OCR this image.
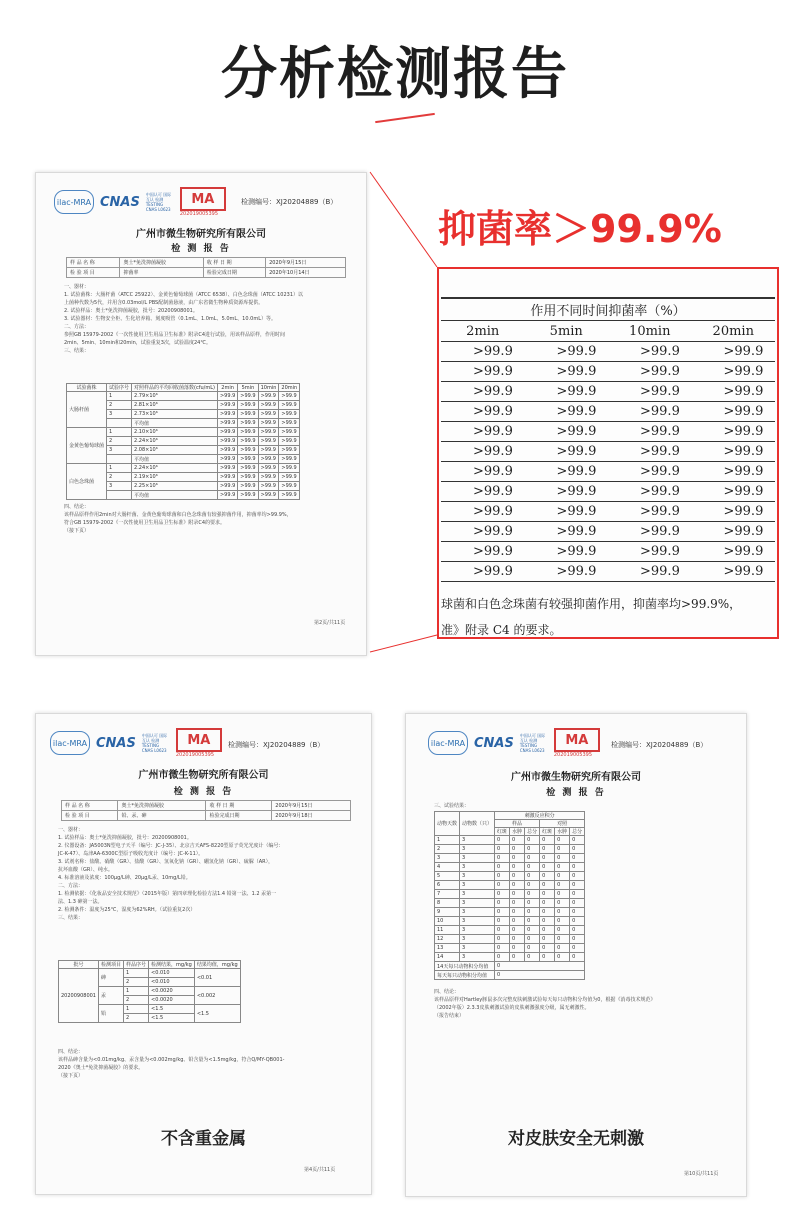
分析检测报告
ilac-MRA CNAS 中国认可 国际互认 检测 TESTING CNAS L0623
MA
202019005395
检测编号：XJ20204889（B）
广州市微生物研究所有限公司
检 测 报 告
样 品 名 称	奥士*免洗抑菌凝胶	收 样 日 期	2020年9月15日
检 验 项 目	抑菌率	检验完成日期	2020年10月14日
一、器材：
1. 试验菌株：大肠杆菌（ATCC 25922）、金黄色葡萄球菌（ATCC 6538）、白色念珠菌（ATCC 10231）以
上菌种代数为5代，并用含0.03mol/L PBS配制菌悬液，由广东省微生物种质资源库提供。
2. 试验样品：奥士*免洗抑菌凝胶，批号：20200908001。
3. 试验器材：生物安全柜、生化培养箱、刻度吸管（0.1mL、1.0mL、5.0mL、10.0mL）等。
二、方法：
参照GB 15979-2002《一次性使用卫生用品卫生标准》附录C4进行试验，用该样品原样，作用时间
2min、5min、10min和20min，试验重复3次，试验温度24℃。
三、结果：
试验菌株	试验序号	对照样品的平均回收菌落数(cfu/mL)	2min	5min	10min	20min
大肠杆菌	1	2.79×10⁶	>99.9	>99.9	>99.9	>99.9
	2	2.81×10⁶	>99.9	>99.9	>99.9	>99.9
	3	2.73×10⁶	>99.9	>99.9	>99.9	>99.9
		平均值	>99.9	>99.9	>99.9	>99.9
金黄色葡萄球菌	1	2.10×10⁶	>99.9	>99.9	>99.9	>99.9
	2	2.24×10⁶	>99.9	>99.9	>99.9	>99.9
	3	2.08×10⁶	>99.9	>99.9	>99.9	>99.9
		平均值	>99.9	>99.9	>99.9	>99.9
白色念珠菌	1	2.24×10⁶	>99.9	>99.9	>99.9	>99.9
	2	2.19×10⁶	>99.9	>99.9	>99.9	>99.9
	3	2.25×10⁶	>99.9	>99.9	>99.9	>99.9
		平均值	>99.9	>99.9	>99.9	>99.9
四、结论：
该样品原样作用2min对大肠杆菌、金黄色葡萄球菌和白色念珠菌有较强抑菌作用，抑菌率均>99.9%，
符合GB 15979-2002《一次性使用卫生用品卫生标准》附录C4的要求。
（接下页）
第2页/共11页
抑菌率＞99.9%
作用不同时间抑菌率（%）			
2min	5min	10min	20min
>99.9	>99.9	>99.9	>99.9
>99.9	>99.9	>99.9	>99.9
>99.9	>99.9	>99.9	>99.9
>99.9	>99.9	>99.9	>99.9
>99.9	>99.9	>99.9	>99.9
>99.9	>99.9	>99.9	>99.9
>99.9	>99.9	>99.9	>99.9
>99.9	>99.9	>99.9	>99.9
>99.9	>99.9	>99.9	>99.9
>99.9	>99.9	>99.9	>99.9
>99.9	>99.9	>99.9	>99.9
>99.9	>99.9	>99.9	>99.9
球菌和白色念珠菌有较强抑菌作用，抑菌率均>99.9%，
准》附录 C4 的要求。
ilac-MRA CNAS 中国认可 国际互认 检测 TESTING CNAS L0623
MA
202019005395
检测编号：XJ20204889（B）
广州市微生物研究所有限公司
检 测 报 告
样 品 名 称	奥士*免洗抑菌凝胶	收 样 日 期	2020年9月15日
检 验 项 目	铅、汞、砷	检验完成日期	2020年9月18日
一、器材：
1. 试验样品：奥士*免洗抑菌凝胶，批号：20200908001。
2. 仪器设备：JA5003N型电子天平（编号：JC-J-35）、北京吉天AFS-8220型原子荧光光度计（编号：
JC-K-47）、岛津AA-6300C型原子吸收光度计（编号：JC-K-11）。
3. 试剂名称：盐酸、硝酸（GR）、盐酸（GR）、氢氧化钠（GR）、硼氢化钠（GR）、硫脲（AR），
抗坏血酸（GR）、纯水。
4. 标准溶液及浓度：100μg/L砷、20μg/L汞、10mg/L铅。
二、方法：
1. 检测依据：《化妆品安全技术规范》（2015年版）第四章理化检验方法1.4 铅第一法、1.2 汞第一
法、1.3 砷第一法。
2. 检测条件：温度为25℃，湿度为62%RH。（试验重复2次）
三、结果：
批号	检测项目	样品序号	检测结果，mg/kg	结果均值，mg/kg
20200908001	砷	1	<0.010	<0.01
		2	<0.010	
	汞	1	<0.0020	<0.002
		2	<0.0020	
	铅	1	<1.5	<1.5
		2	<1.5	
四、结论：
该样品砷含量为<0.01mg/kg、汞含量为<0.002mg/kg、铅含量为<1.5mg/kg，符合Q/MY-QB001-
2020《奥士*免洗抑菌凝胶》的要求。
（接下页）
不含重金属
第4页/共11页
ilac-MRA CNAS 中国认可 国际互认 检测 TESTING CNAS L0623
MA
202019005395
检测编号：XJ20204889（B）
广州市微生物研究所有限公司
检 测 报 告
三、试验结果：
动物天数	动物数（只）	刺激反应积分					
		样品			对照		
		红斑	水肿	总分	红斑	水肿	总分
1	3	0	0	0	0	0	0
2	3	0	0	0	0	0	0
3	3	0	0	0	0	0	0
4	3	0	0	0	0	0	0
5	3	0	0	0	0	0	0
6	3	0	0	0	0	0	0
7	3	0	0	0	0	0	0
8	3	0	0	0	0	0	0
9	3	0	0	0	0	0	0
10	3	0	0	0	0	0	0
11	3	0	0	0	0	0	0
12	3	0	0	0	0	0	0
13	3	0	0	0	0	0	0
14	3	0	0	0	0	0	0
14天每只动物积分均值		0					
每天每只动物积分均值		0					
四、结论：
该样品原样对Hartley豚鼠多次完整皮肤刺激试验每天每只动物积分均值为0，根据《消毒技术规范》
（2002年版）2.3.3皮肤刺激试验的皮肤刺激强度分级，属无刺激性。
（报告结束）
对皮肤安全无刺激
第10页/共11页
